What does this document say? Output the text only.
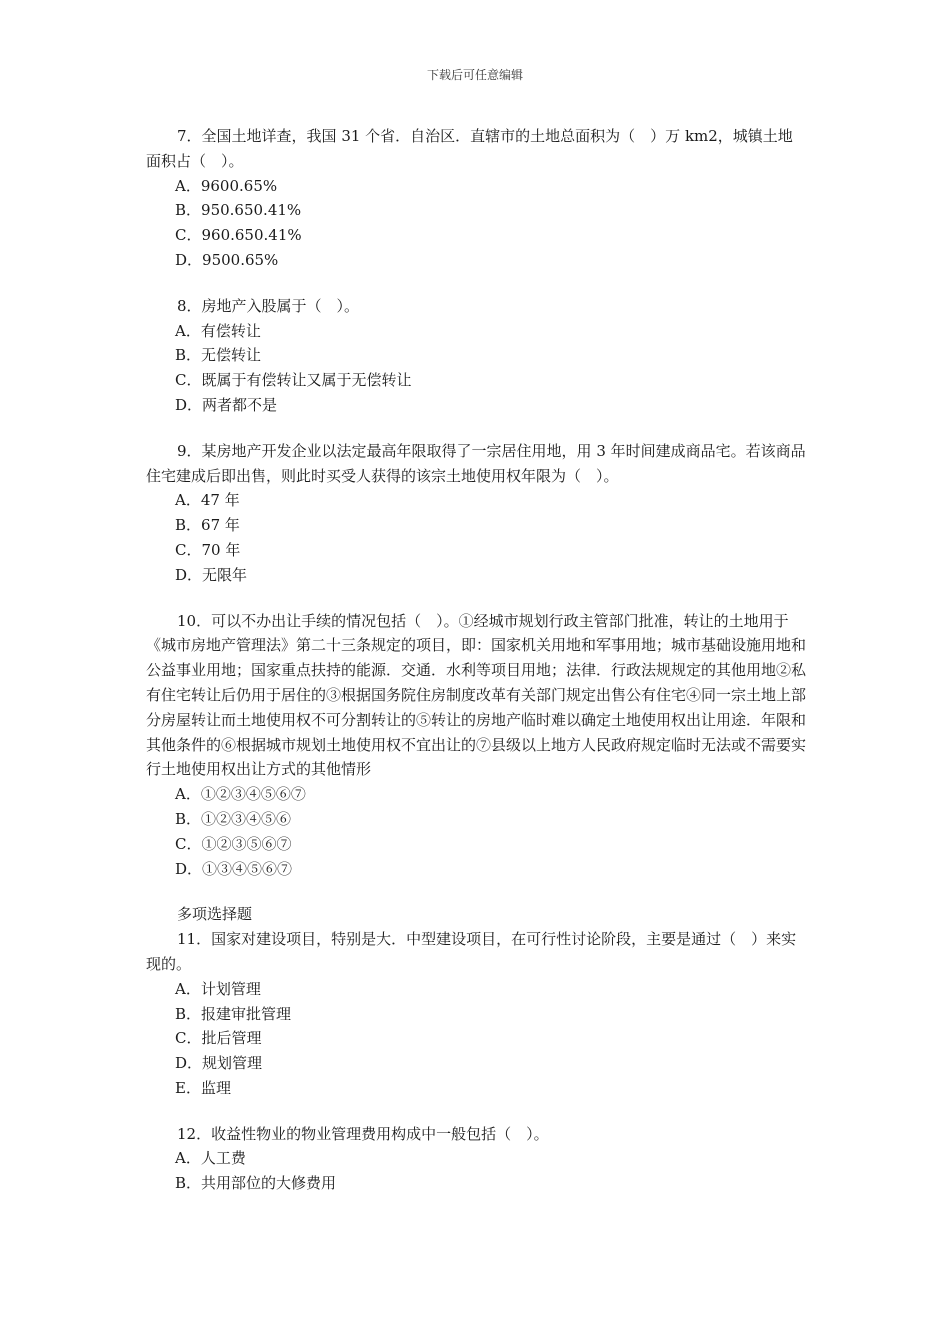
下载后可任意编辑

7．全国土地详查，我国 31 个省．自治区．直辖市的土地总面积为（　）万 km2，城镇土地面积占（　）。

A．9600.65%
B．950.650.41%
C．960.650.41%
D．9500.65%

8．房地产入股属于（　）。

A．有偿转让
B．无偿转让
C．既属于有偿转让又属于无偿转让
D．两者都不是

9．某房地产开发企业以法定最高年限取得了一宗居住用地，用 3 年时间建成商品宅。若该商品住宅建成后即出售，则此时买受人获得的该宗土地使用权年限为（　）。

A．47 年
B．67 年
C．70 年
D．无限年

10．可以不办出让手续的情况包括（　）。①经城市规划行政主管部门批准，转让的土地用于《城市房地产管理法》第二十三条规定的项目，即：国家机关用地和军事用地；城市基础设施用地和公益事业用地；国家重点扶持的能源．交通．水利等项目用地；法律．行政法规规定的其他用地②私有住宅转让后仍用于居住的③根据国务院住房制度改革有关部门规定出售公有住宅④同一宗土地上部分房屋转让而土地使用权不可分割转让的⑤转让的房地产临时难以确定土地使用权出让用途．年限和其他条件的⑥根据城市规划土地使用权不宜出让的⑦县级以上地方人民政府规定临时无法或不需要实行土地使用权出让方式的其他情形

A．①②③④⑤⑥⑦
B．①②③④⑤⑥
C．①②③⑤⑥⑦
D．①③④⑤⑥⑦

多项选择题

11．国家对建设项目，特别是大．中型建设项目，在可行性讨论阶段，主要是通过（　）来实现的。

A．计划管理
B．报建审批管理
C．批后管理
D．规划管理
E．监理

12．收益性物业的物业管理费用构成中一般包括（　）。

A．人工费
B．共用部位的大修费用
